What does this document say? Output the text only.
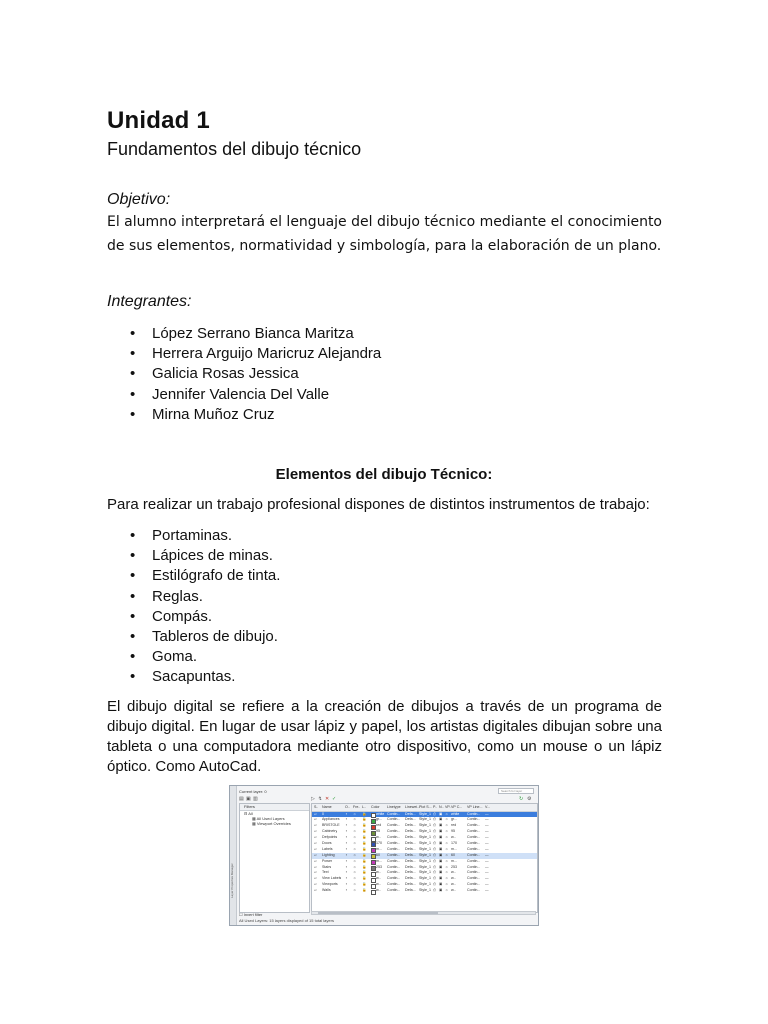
Unidad 1
Fundamentos del dibujo técnico
Objetivo:
El alumno interpretará el lenguaje del dibujo técnico mediante el conocimiento de sus elementos, normatividad y simbología, para la elaboración de un plano.
Integrantes:
• López Serrano Bianca Maritza
• Herrera Arguijo Maricruz Alejandra
• Galicia Rosas Jessica
• Jennifer Valencia Del Valle
• Mirna Muñoz Cruz
Elementos del dibujo Técnico:
Para realizar un trabajo profesional dispones de distintos instrumentos de trabajo:
• Portaminas.
• Lápices de minas.
• Estilógrafo de tinta.
• Reglas.
• Compás.
• Tableros de dibujo.
• Goma.
• Sacapuntas.
El dibujo digital se refiere a la creación de dibujos a través de un programa de dibujo digital. En lugar de usar lápiz y papel, los artistas digitales dibujan sobre una tableta o una computadora mediante otro dispositivo, como un mouse o un lápiz óptico. Como AutoCad.
Layer Properties Manager
Current layer: 0	Search for layer
▤ ▣ ▥	▷ ↯ ✕ ✓	↻ ⚙
Filters
⊟ All
▦ All Used Layers
▦ Viewport Overrides
☐ Invert filter
S.. Name	O.. Fre.. L.. Color Linetype Linewei...
Plot S... P.. N.. VP.. VP C... VP Line... V...
▱ 0	♀ ☼ 🔓	white Contin... Defa... Style_1 ⎙ ▣ ☼ white Contin... —
▱ Appliances ♀ ☼ 🔓	gr... Contin... Defa... Style_1 ⎙ ▣ ☼ gr...	Contin... —
▱ BRISTOLE ♀ ☼ 🔓	red Contin... Defa... Style_1 ⎙ ▣ ☼ red	Contin... —
▱ Cabinetry ♀ ☼ 🔓	95 Contin... Defa... Style_1 ⎙ ▣ ☼ 95	Contin... —
▱ Defpoints ♀ ☼ 🔓	w... Contin... Defa... Style_1 ⎙ ▣ ☼ w...	Contin... —
▱ Doors	♀ ☼ 🔓	170 Contin... Defa... Style_1 ⎙ ▣ ☼ 170	Contin... —
▱ Labels	♀ ☼ 🔓	m... Contin... Defa... Style_1 ⎙ ▣ ☼ m...	Contin... —
▱ Lighting	♀ ☼ 🔓	60 Contin... Defa... Style_1 ⎙ ▣ ☼ 60	Contin... —
▱ Power	♀ ☼ 🔓	m... Contin... Defa... Style_1 ⎙ ▣ ☼ m...	Contin... —
▱ Stairs	♀ ☼ 🔓	253 Contin... Defa... Style_1 ⎙ ▣ ☼ 253	Contin... —
▱ Text	♀ ☼ 🔓	w... Contin... Defa... Style_1 ⎙ ▣ ☼ w...	Contin... —
▱ View Labels ♀ ☼ 🔓	w... Contin... Defa... Style_1 ⎙ ▣ ☼ w...	Contin... —
▱ Viewports ♀ ☼ 🔓	w... Contin... Defa... Style_1 ⎙ ▣ ☼ w...	Contin... —
▱ Walls	♀ ☼ 🔓	w... Contin... Defa... Style_1 ⎙ ▣ ☼ w...	Contin... —
All Used Layers: 15 layers displayed of 15 total layers
